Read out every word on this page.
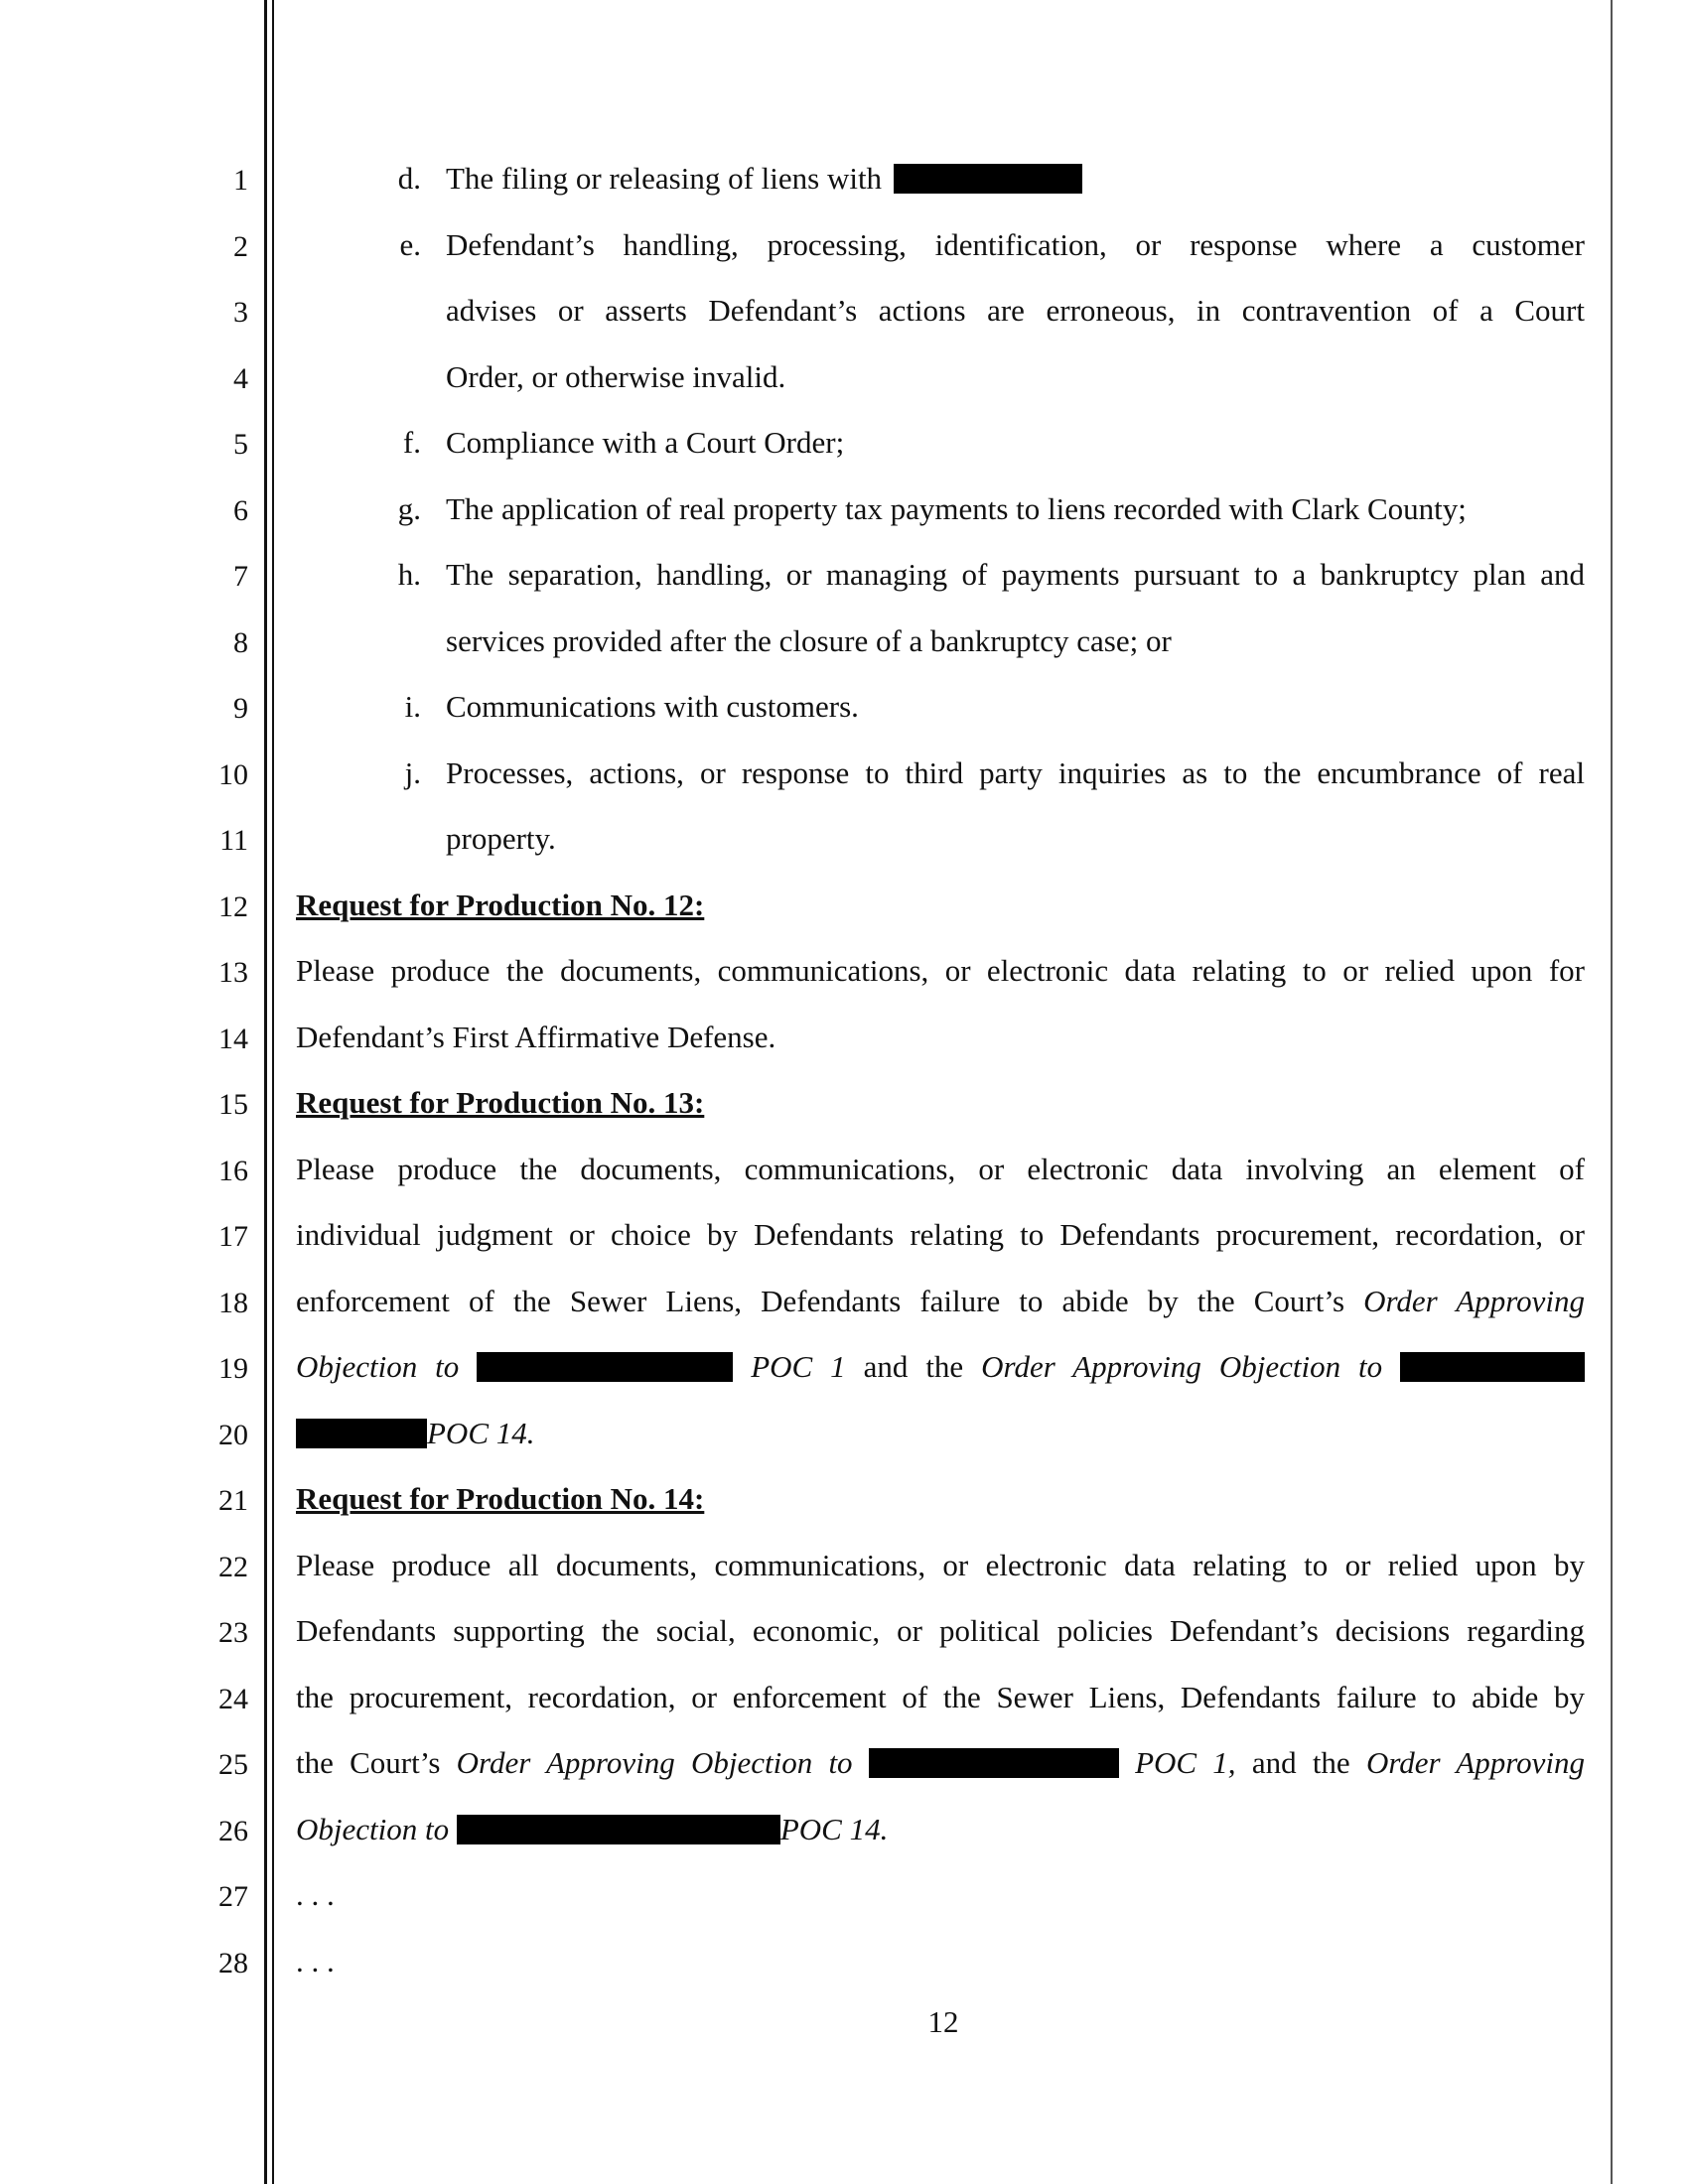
1
2
3
4
5
6
7
8
9
10
11
12
13
14
15
16
17
18
19
20
21
22
23
24
25
26
27
28
d. The filing or releasing of liens with
e. Defendant’s handling, processing, identification, or response where a customer
advises or asserts Defendant’s actions are erroneous, in contravention of a Court
Order, or otherwise invalid.
f. Compliance with a Court Order;
g. The application of real property tax payments to liens recorded with Clark County;
h. The separation, handling, or managing of payments pursuant to a bankruptcy plan and
services provided after the closure of a bankruptcy case; or
i. Communications with customers.
j. Processes, actions, or response to third party inquiries as to the encumbrance of real
property.
Request for Production No. 12:
Please produce the documents, communications, or electronic data relating to or relied upon for
Defendant’s First Affirmative Defense.
Request for Production No. 13:
Please produce the documents, communications, or electronic data involving an element of
individual judgment or choice by Defendants relating to Defendants procurement, recordation, or
enforcement of the Sewer Liens, Defendants failure to abide by the Court’s Order Approving
Objection to	POC 1 and the Order Approving Objection to
POC 14.
Request for Production No. 14:
Please produce all documents, communications, or electronic data relating to or relied upon by
Defendants supporting the social, economic, or political policies Defendant’s decisions regarding
the procurement, recordation, or enforcement of the Sewer Liens, Defendants failure to abide by
the Court’s Order Approving Objection to	POC 1, and the Order Approving
Objection to	POC 14.
. . .
. . .
12
